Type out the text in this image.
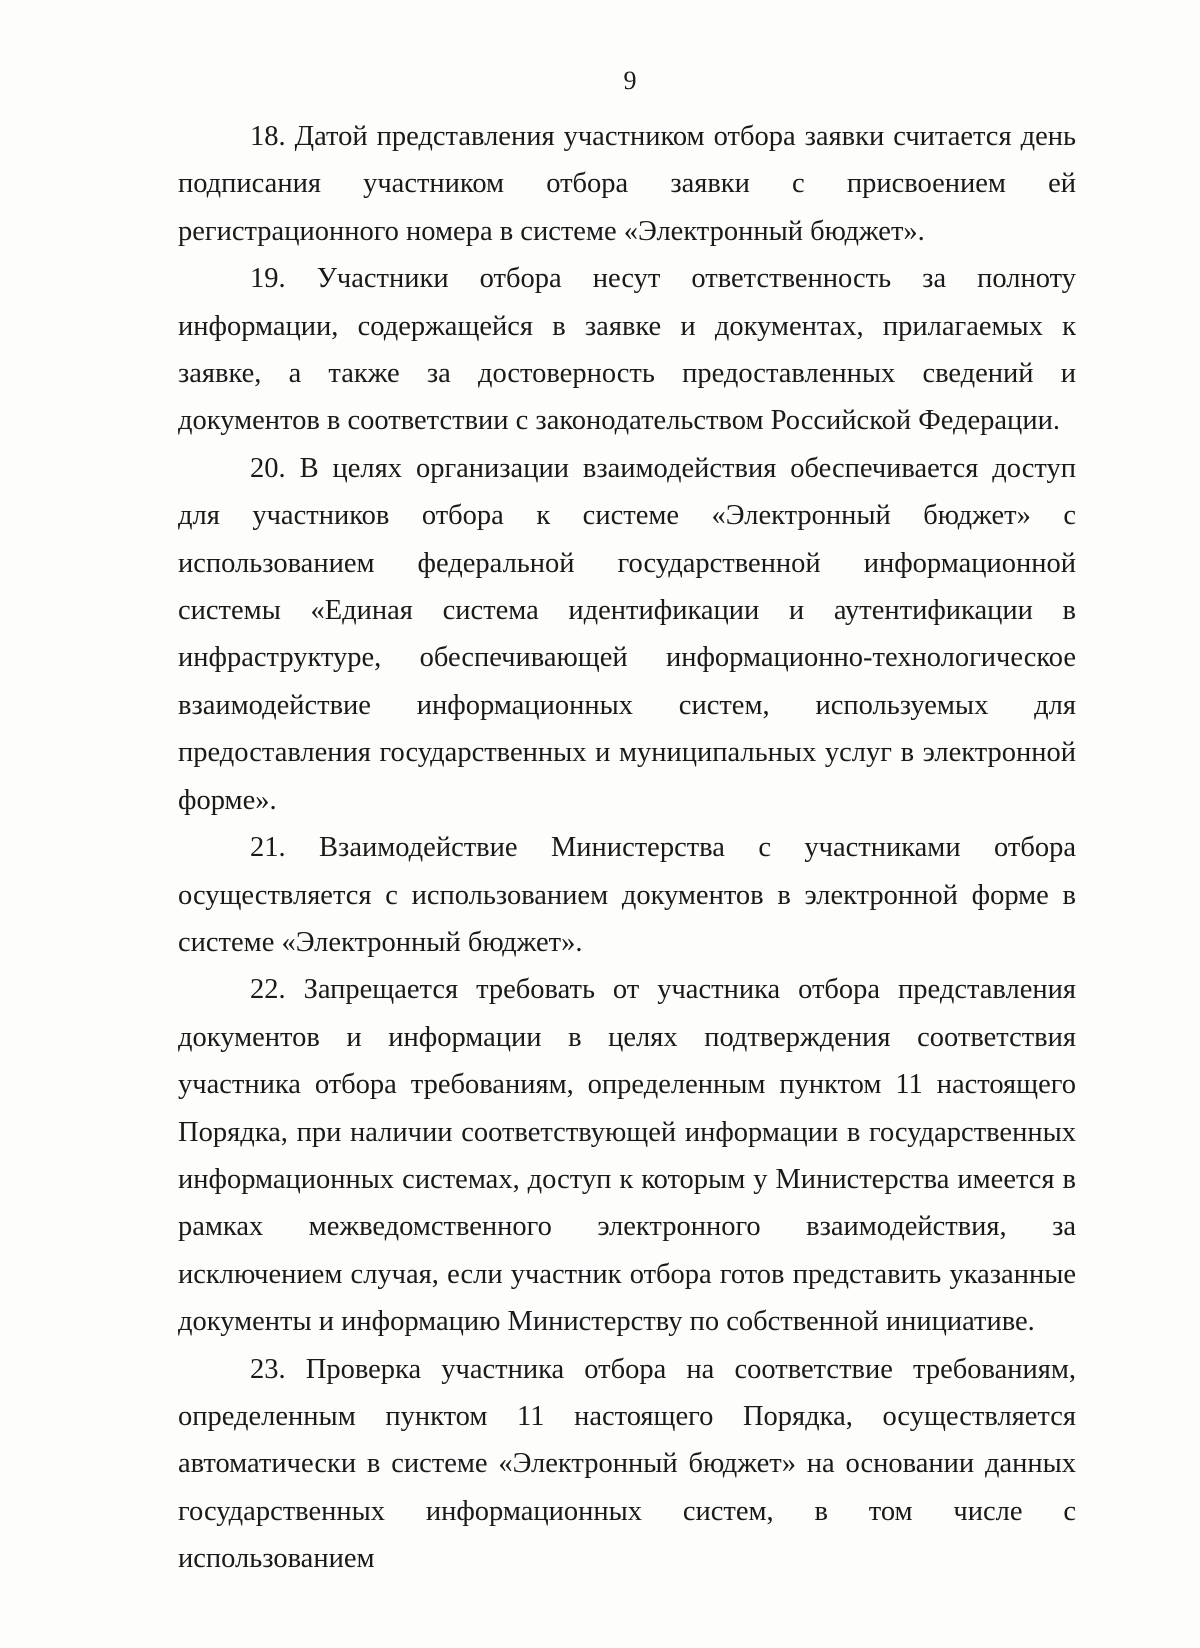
9

18. Датой представления участником отбора заявки считается день подписания участником отбора заявки с присвоением ей регистрационного номера в системе «Электронный бюджет».

19. Участники отбора несут ответственность за полноту информации, содержащейся в заявке и документах, прилагаемых к заявке, а также за достоверность предоставленных сведений и документов в соответствии с законодательством Российской Федерации.

20. В целях организации взаимодействия обеспечивается доступ для участников отбора к системе «Электронный бюджет» с использованием федеральной государственной информационной системы «Единая система идентификации и аутентификации в инфраструктуре, обеспечивающей информационно-технологическое взаимодействие информационных систем, используемых для предоставления государственных и муниципальных услуг в электронной форме».

21. Взаимодействие Министерства с участниками отбора осуществляется с использованием документов в электронной форме в системе «Электронный бюджет».

22. Запрещается требовать от участника отбора представления документов и информации в целях подтверждения соответствия участника отбора требованиям, определенным пунктом 11 настоящего Порядка, при наличии соответствующей информации в государственных информационных системах, доступ к которым у Министерства имеется в рамках межведомственного электронного взаимодействия, за исключением случая, если участник отбора готов представить указанные документы и информацию Министерству по собственной инициативе.

23. Проверка участника отбора на соответствие требованиям, определенным пунктом 11 настоящего Порядка, осуществляется автоматически в системе «Электронный бюджет» на основании данных государственных информационных систем, в том числе с использованием
